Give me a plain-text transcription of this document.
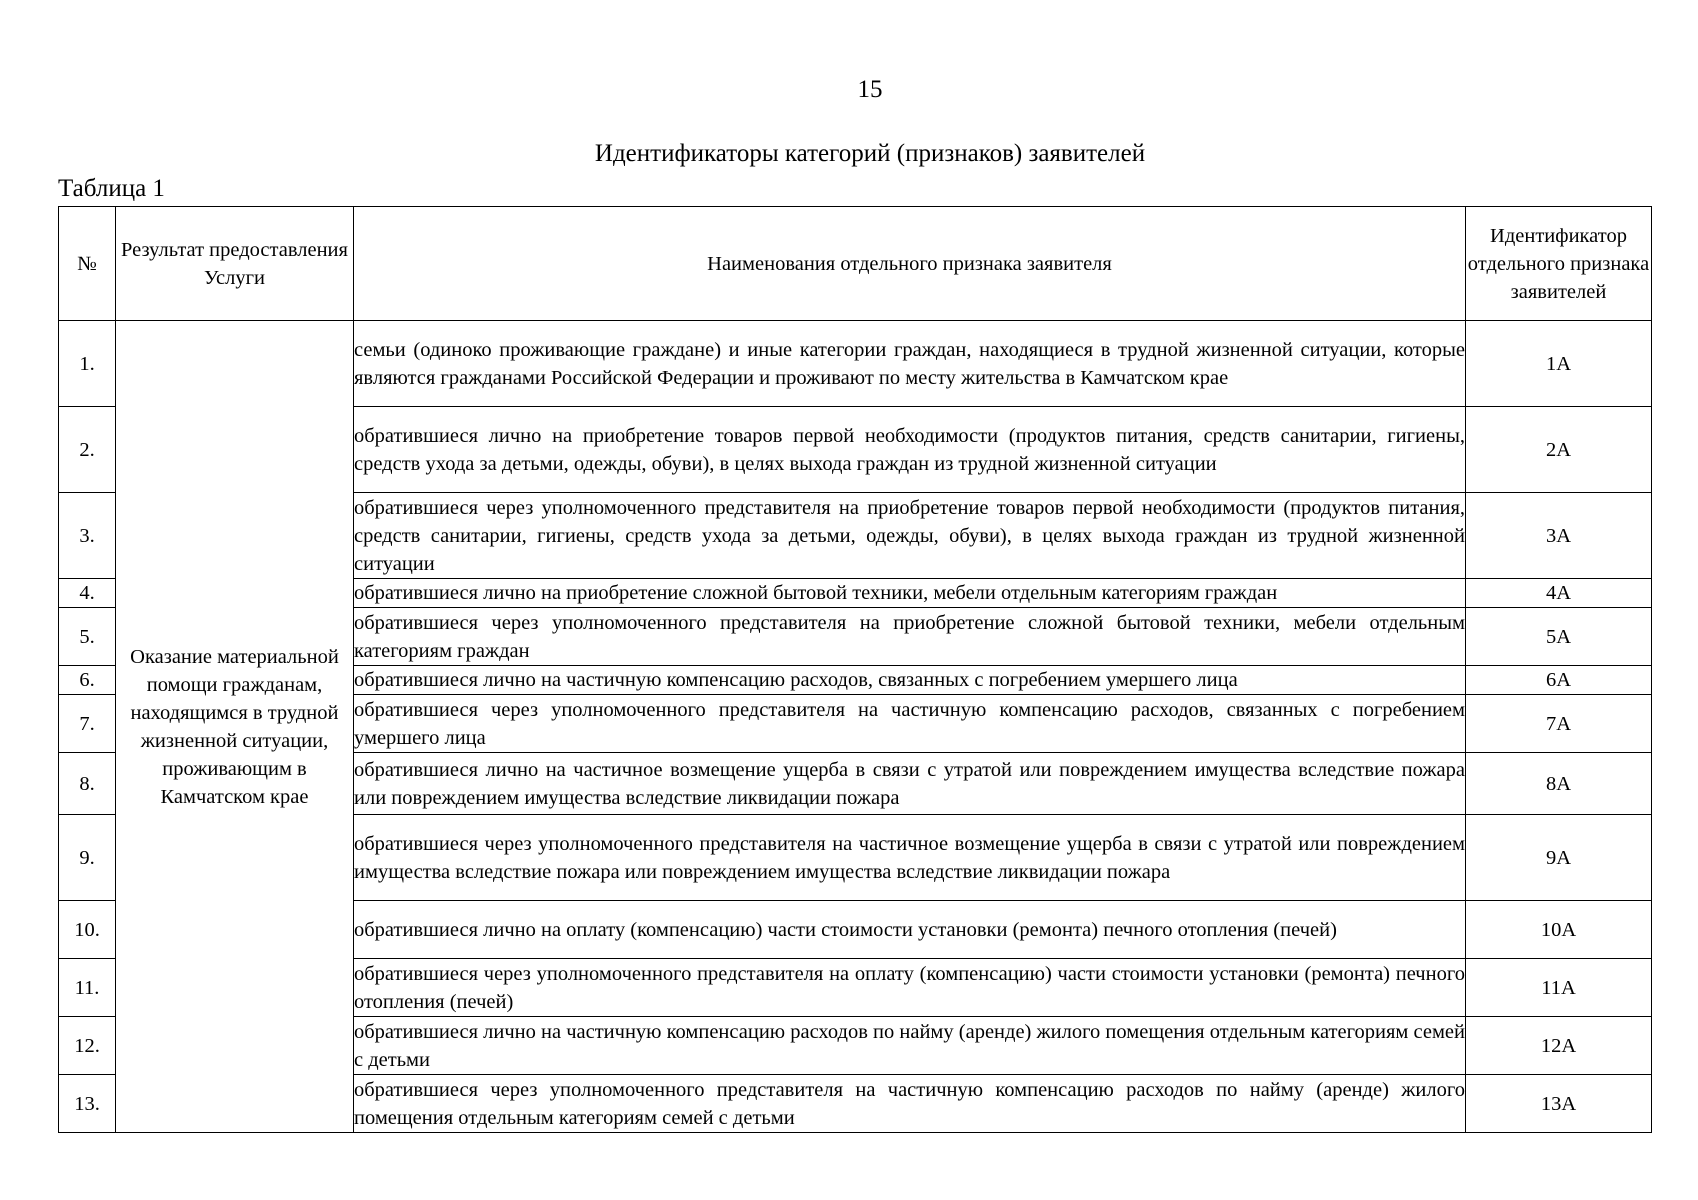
15
Идентификаторы категорий (признаков) заявителей
Таблица 1
№	Результат предоставления Услуги	Наименования отдельного признака заявителя	Идентификатор отдельного признака заявителей
1.	Оказание материальной помощи гражданам, находящимся в трудной жизненной ситуации, проживающим в Камчатском крае	семьи (одиноко проживающие граждане) и иные категории граждан, находящиеся в трудной жизненной ситуации, которые являются гражданами Российской Федерации и проживают по месту жительства в Камчатском крае	1А
2.		обратившиеся лично на приобретение товаров первой необходимости (продуктов питания, средств санитарии, гигиены, средств ухода за детьми, одежды, обуви), в целях выхода граждан из трудной жизненной ситуации	2А
3.		обратившиеся через уполномоченного представителя на приобретение товаров первой необходимости (продуктов питания, средств санитарии, гигиены, средств ухода за детьми, одежды, обуви), в целях выхода граждан из трудной жизненной ситуации	3А
4.		обратившиеся лично на приобретение сложной бытовой техники, мебели отдельным категориям граждан	4А
5.		обратившиеся через уполномоченного представителя на приобретение сложной бытовой техники, мебели отдельным категориям граждан	5А
6.		обратившиеся лично на частичную компенсацию расходов, связанных с погребением умершего лица	6А
7.		обратившиеся через уполномоченного представителя на частичную компенсацию расходов, связанных с погребением умершего лица	7А
8.		обратившиеся лично на частичное возмещение ущерба в связи с утратой или повреждением имущества вследствие пожара или повреждением имущества вследствие ликвидации пожара	8А
9.		обратившиеся через уполномоченного представителя на частичное возмещение ущерба в связи с утратой или повреждением имущества вследствие пожара или повреждением имущества вследствие ликвидации пожара	9А
10.		обратившиеся лично на оплату (компенсацию) части стоимости установки (ремонта) печного отопления (печей)	10А
11.		обратившиеся через уполномоченного представителя на оплату (компенсацию) части стоимости установки (ремонта) печного отопления (печей)	11А
12.		обратившиеся лично на частичную компенсацию расходов по найму (аренде) жилого помещения отдельным категориям семей с детьми	12А
13.		обратившиеся через уполномоченного представителя на частичную компенсацию расходов по найму (аренде) жилого помещения отдельным категориям семей с детьми	13А
